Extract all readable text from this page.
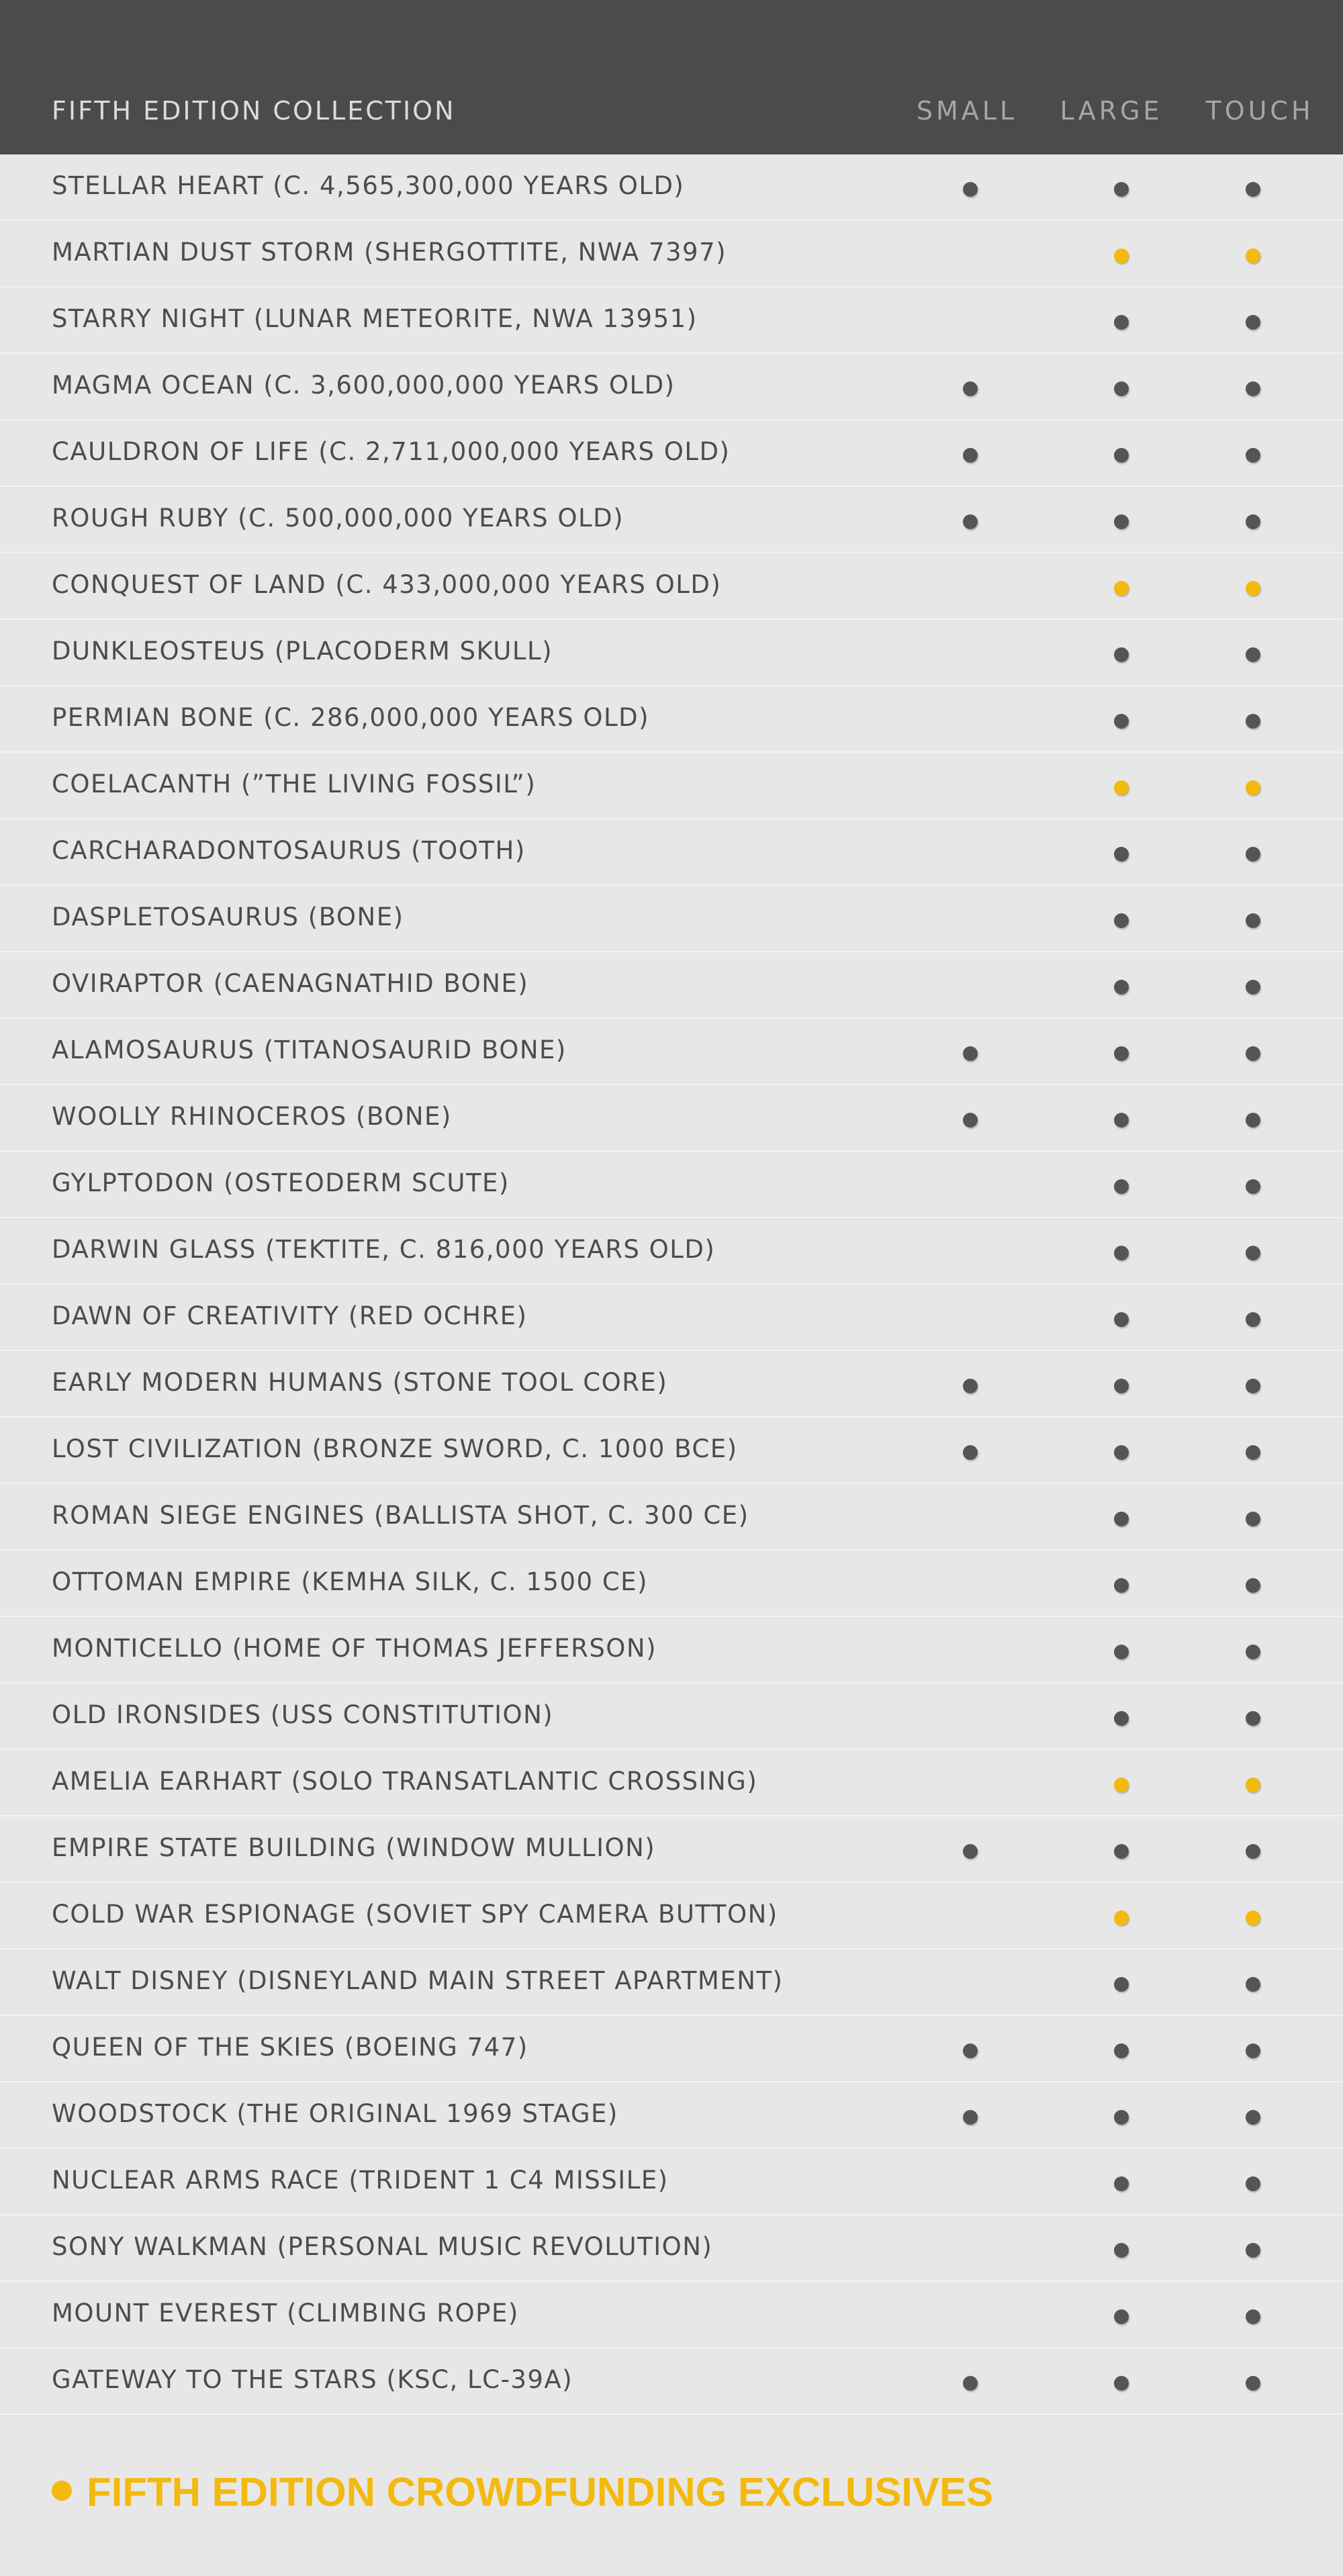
FIFTH EDITION COLLECTION	SMALL LARGE TOUCH
STELLAR HEART (C. 4,565,300,000 YEARS OLD)
MARTIAN DUST STORM (SHERGOTTITE, NWA 7397)
STARRY NIGHT (LUNAR METEORITE, NWA 13951)
MAGMA OCEAN (C. 3,600,000,000 YEARS OLD)
CAULDRON OF LIFE (C. 2,711,000,000 YEARS OLD)
ROUGH RUBY (C. 500,000,000 YEARS OLD)
CONQUEST OF LAND (C. 433,000,000 YEARS OLD)
DUNKLEOSTEUS (PLACODERM SKULL)
PERMIAN BONE (C. 286,000,000 YEARS OLD)
COELACANTH (”THE LIVING FOSSIL”)
CARCHARADONTOSAURUS (TOOTH)
DASPLETOSAURUS (BONE)
OVIRAPTOR (CAENAGNATHID BONE)
ALAMOSAURUS (TITANOSAURID BONE)
WOOLLY RHINOCEROS (BONE)
GYLPTODON (OSTEODERM SCUTE)
DARWIN GLASS (TEKTITE, C. 816,000 YEARS OLD)
DAWN OF CREATIVITY (RED OCHRE)
EARLY MODERN HUMANS (STONE TOOL CORE)
LOST CIVILIZATION (BRONZE SWORD, C. 1000 BCE)
ROMAN SIEGE ENGINES (BALLISTA SHOT, C. 300 CE)
OTTOMAN EMPIRE (KEMHA SILK, C. 1500 CE)
MONTICELLO (HOME OF THOMAS JEFFERSON)
OLD IRONSIDES (USS CONSTITUTION)
AMELIA EARHART (SOLO TRANSATLANTIC CROSSING)
EMPIRE STATE BUILDING (WINDOW MULLION)
COLD WAR ESPIONAGE (SOVIET SPY CAMERA BUTTON)
WALT DISNEY (DISNEYLAND MAIN STREET APARTMENT)
QUEEN OF THE SKIES (BOEING 747)
WOODSTOCK (THE ORIGINAL 1969 STAGE)
NUCLEAR ARMS RACE (TRIDENT 1 C4 MISSILE)
SONY WALKMAN (PERSONAL MUSIC REVOLUTION)
MOUNT EVEREST (CLIMBING ROPE)
GATEWAY TO THE STARS (KSC, LC-39A)
FIFTH EDITION CROWDFUNDING EXCLUSIVES
